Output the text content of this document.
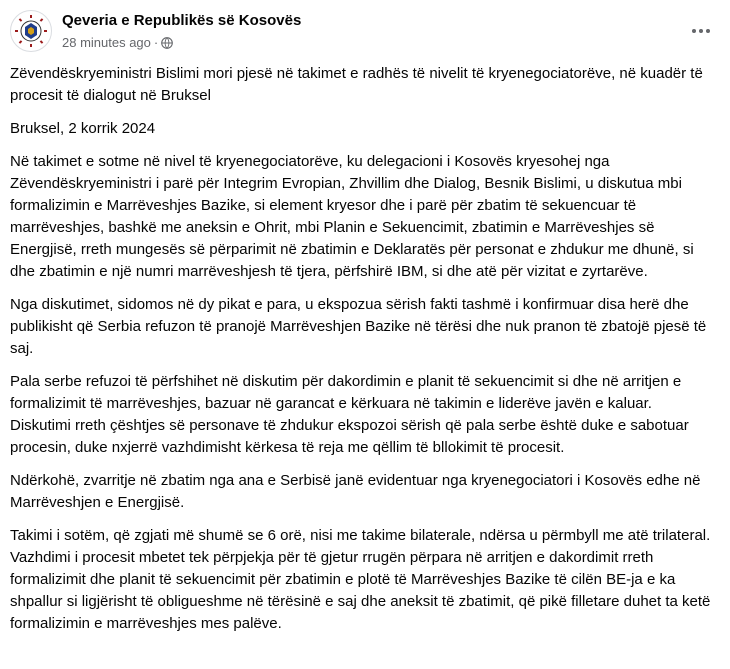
Qeveria e Republikës së Kosovës
28 minutes ago ·

Zëvendëskryeministri Bislimi mori pjesë në takimet e radhës të nivelit të kryenegociatorëve, në kuadër të procesit të dialogut në Bruksel

Bruksel, 2 korrik 2024

Në takimet e sotme në nivel të kryenegociatorëve, ku delegacioni i Kosovës kryesohej nga Zëvendëskryeministri i parë për Integrim Evropian, Zhvillim dhe Dialog, Besnik Bislimi, u diskutua mbi formalizimin e Marrëveshjes Bazike, si element kryesor dhe i parë për zbatim të sekuencuar të marrëveshjes, bashkë me aneksin e Ohrit, mbi Planin e Sekuencimit, zbatimin e Marrëveshjes së Energjisë, rreth mungesës së përparimit në zbatimin e Deklaratës për personat e zhdukur me dhunë, si dhe zbatimin e një numri marrëveshjesh të tjera, përfshirë IBM, si dhe atë për vizitat e zyrtarëve.

Nga diskutimet, sidomos në dy pikat e para, u ekspozua sërish fakti tashmë i konfirmuar disa herë dhe publikisht që Serbia refuzon të pranojë Marrëveshjen Bazike në tërësi dhe nuk pranon të zbatojë pjesë të saj.

Pala serbe refuzoi të përfshihet në diskutim për dakordimin e planit të sekuencimit si dhe në arritjen e formalizimit të marrëveshjes, bazuar në garancat e kërkuara në takimin e liderëve javën e kaluar. Diskutimi rreth çështjes së personave të zhdukur ekspozoi sërish që pala serbe është duke e sabotuar procesin, duke nxjerrë vazhdimisht kërkesa të reja me qëllim të bllokimit të procesit.

Ndërkohë, zvarritje në zbatim nga ana e Serbisë janë evidentuar nga kryenegociatori i Kosovës edhe në Marrëveshjen e Energjisë.

Takimi i sotëm, që zgjati më shumë se 6 orë, nisi me takime bilaterale, ndërsa u përmbyll me atë trilateral. Vazhdimi i procesit mbetet tek përpjekja për të gjetur rrugën përpara në arritjen e dakordimit rreth formalizimit dhe planit të sekuencimit për zbatimin e plotë të Marrëveshjes Bazike të cilën BE-ja e ka shpallur si ligjërisht të obligueshme në tërësinë e saj dhe aneksit të zbatimit, që pikë filletare duhet ta ketë formalizimin e marrëveshjes mes palëve.
